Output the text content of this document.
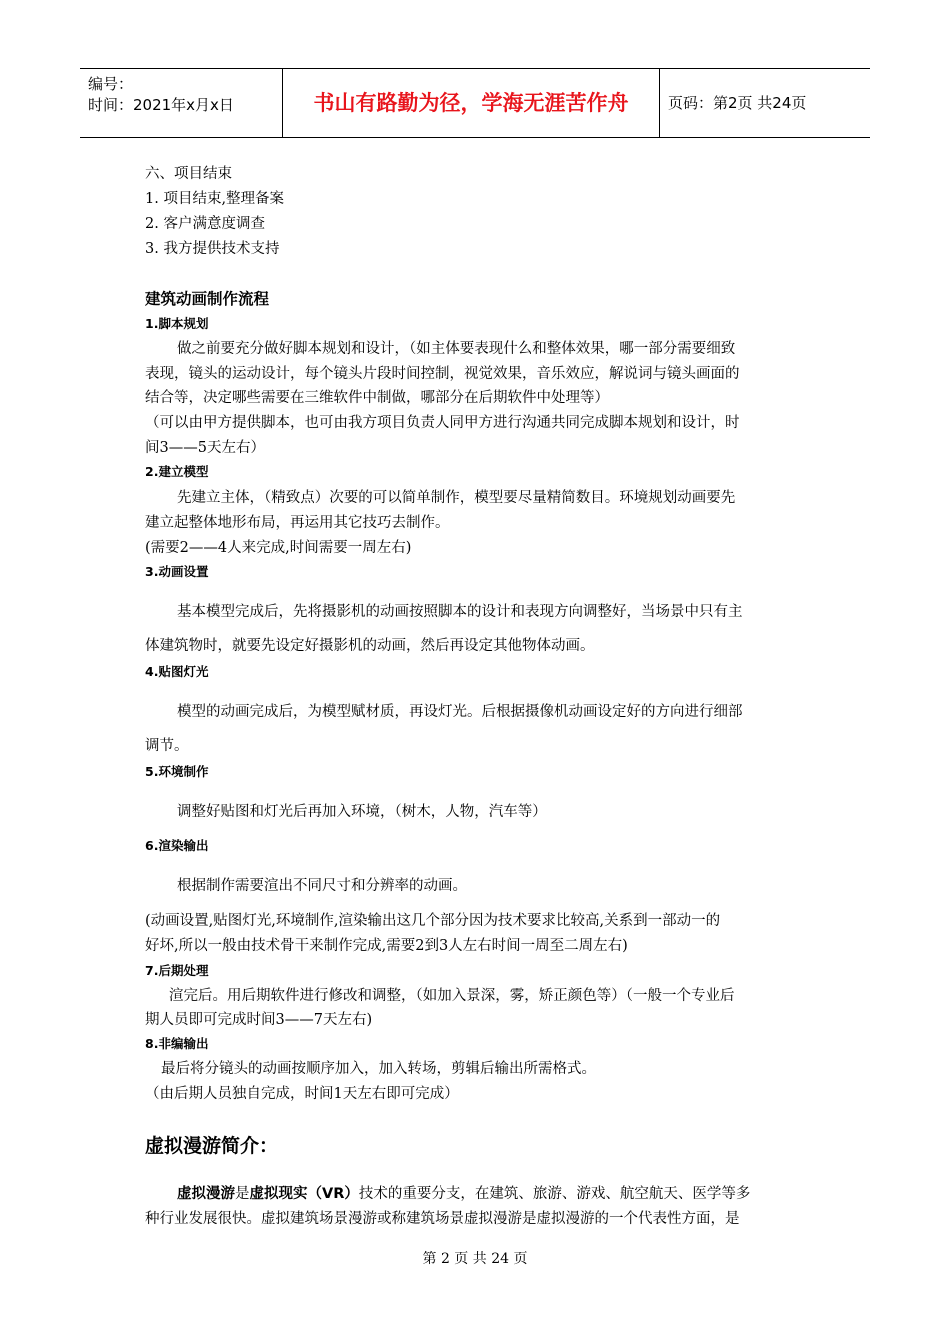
编号：
时间：2021年x月x日	书山有路勤为径，学海无涯苦作舟	页码：第2页 共24页
六、项目结束
1. 项目结束,整理备案
2. 客户满意度调查
3. 我方提供技术支持
建筑动画制作流程
1.脚本规划
做之前要充分做好脚本规划和设计，（如主体要表现什么和整体效果，哪一部分需要细致
表现，镜头的运动设计，每个镜头片段时间控制，视觉效果，音乐效应，解说词与镜头画面的
结合等，决定哪些需要在三维软件中制做，哪部分在后期软件中处理等）
（可以由甲方提供脚本，也可由我方项目负责人同甲方进行沟通共同完成脚本规划和设计，时
间3——5天左右）
2.建立模型
先建立主体，（精致点）次要的可以简单制作，模型要尽量精简数目。环境规划动画要先
建立起整体地形布局，再运用其它技巧去制作。
(需要2——4人来完成,时间需要一周左右)
3.动画设置
基本模型完成后，先将摄影机的动画按照脚本的设计和表现方向调整好，当场景中只有主
体建筑物时，就要先设定好摄影机的动画，然后再设定其他物体动画。
4.贴图灯光
模型的动画完成后，为模型赋材质，再设灯光。后根据摄像机动画设定好的方向进行细部
调节。
5.环境制作
调整好贴图和灯光后再加入环境，（树木，人物，汽车等）
6.渲染输出
根据制作需要渲出不同尺寸和分辨率的动画。
(动画设置,贴图灯光,环境制作,渲染输出这几个部分因为技术要求比较高,关系到一部动一的
好坏,所以一般由技术骨干来制作完成,需要2到3人左右时间一周至二周左右)
7.后期处理
渲完后。用后期软件进行修改和调整，（如加入景深，雾，矫正颜色等）（一般一个专业后
期人员即可完成时间3——7天左右)
8.非编输出
最后将分镜头的动画按顺序加入，加入转场，剪辑后输出所需格式。
（由后期人员独自完成，时间1天左右即可完成）
虚拟漫游简介：
虚拟漫游是虚拟现实（VR）技术的重要分支，在建筑、旅游、游戏、航空航天、医学等多
种行业发展很快。虚拟建筑场景漫游或称建筑场景虚拟漫游是虚拟漫游的一个代表性方面，是
第 2 页 共 24 页
